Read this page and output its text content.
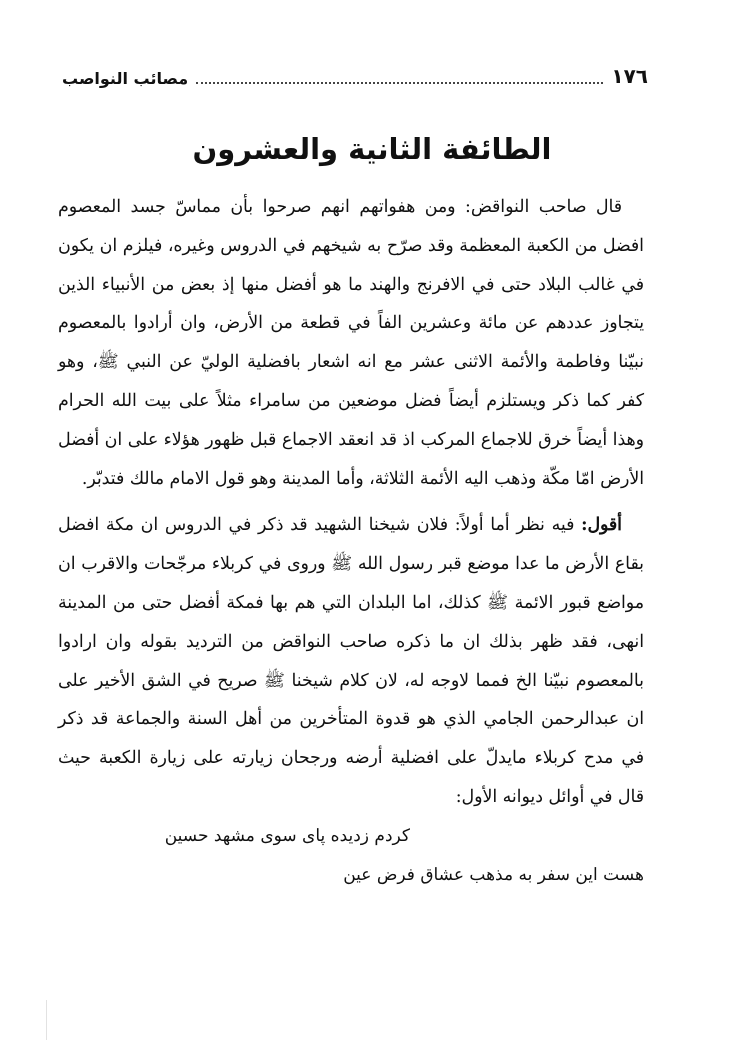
مصائب النواصب	١٧٦
الطائفة الثانية والعشرون

قال صاحب النواقض: ومن هفواتهم انهم صرحوا بأن مماسّ جسد المعصوم افضل من الكعبة المعظمة وقد صرّح به شيخهم في الدروس وغيره، فيلزم ان يكون في غالب البلاد حتى في الافرنج والهند ما هو أفضل منها إذ بعض من الأنبياء الذين يتجاوز عددهم عن مائة وعشرين الفاً في قطعة من الأرض، وان أرادوا بالمعصوم نبيّنا وفاطمة والأئمة الاثنى عشر مع انه اشعار بافضلية الوليّ عن النبي ﷺ، وهو كفر كما ذكر ويستلزم أيضاً فضل موضعين من سامراء مثلاً على بيت الله الحرام وهذا أيضاً خرق للاجماع المركب اذ قد انعقد الاجماع قبل ظهور هؤلاء على ان أفضل الأرض امّا مكّة وذهب اليه الأئمة الثلاثة، وأما المدينة وهو قول الامام مالك فتدبّر.

أقول: فيه نظر أما أولاً: فلان شيخنا الشهيد قد ذكر في الدروس ان مكة افضل بقاع الأرض ما عدا موضع قبر رسول الله ﷺ وروى في كربلاء مرجّحات والاقرب ان مواضع قبور الائمة ﷺ كذلك، اما البلدان التي هم بها فمكة أفضل حتى من المدينة انهى، فقد ظهر بذلك ان ما ذكره صاحب النواقض من الترديد بقوله وان ارادوا بالمعصوم نبيّنا الخ فمما لاوجه له، لان كلام شيخنا ﷺ صريح في الشق الأخير على ان عبدالرحمن الجامي الذي هو قدوة المتأخرين من أهل السنة والجماعة قد ذكر في مدح كربلاء مايدلّ على افضلية أرضه ورجحان زيارته على زيارة الكعبة حيث قال في أوائل ديوانه الأول:

كردم زديده پاى سوى مشهد حسين

هست اين سفر به مذهب عشاق فرض عين
